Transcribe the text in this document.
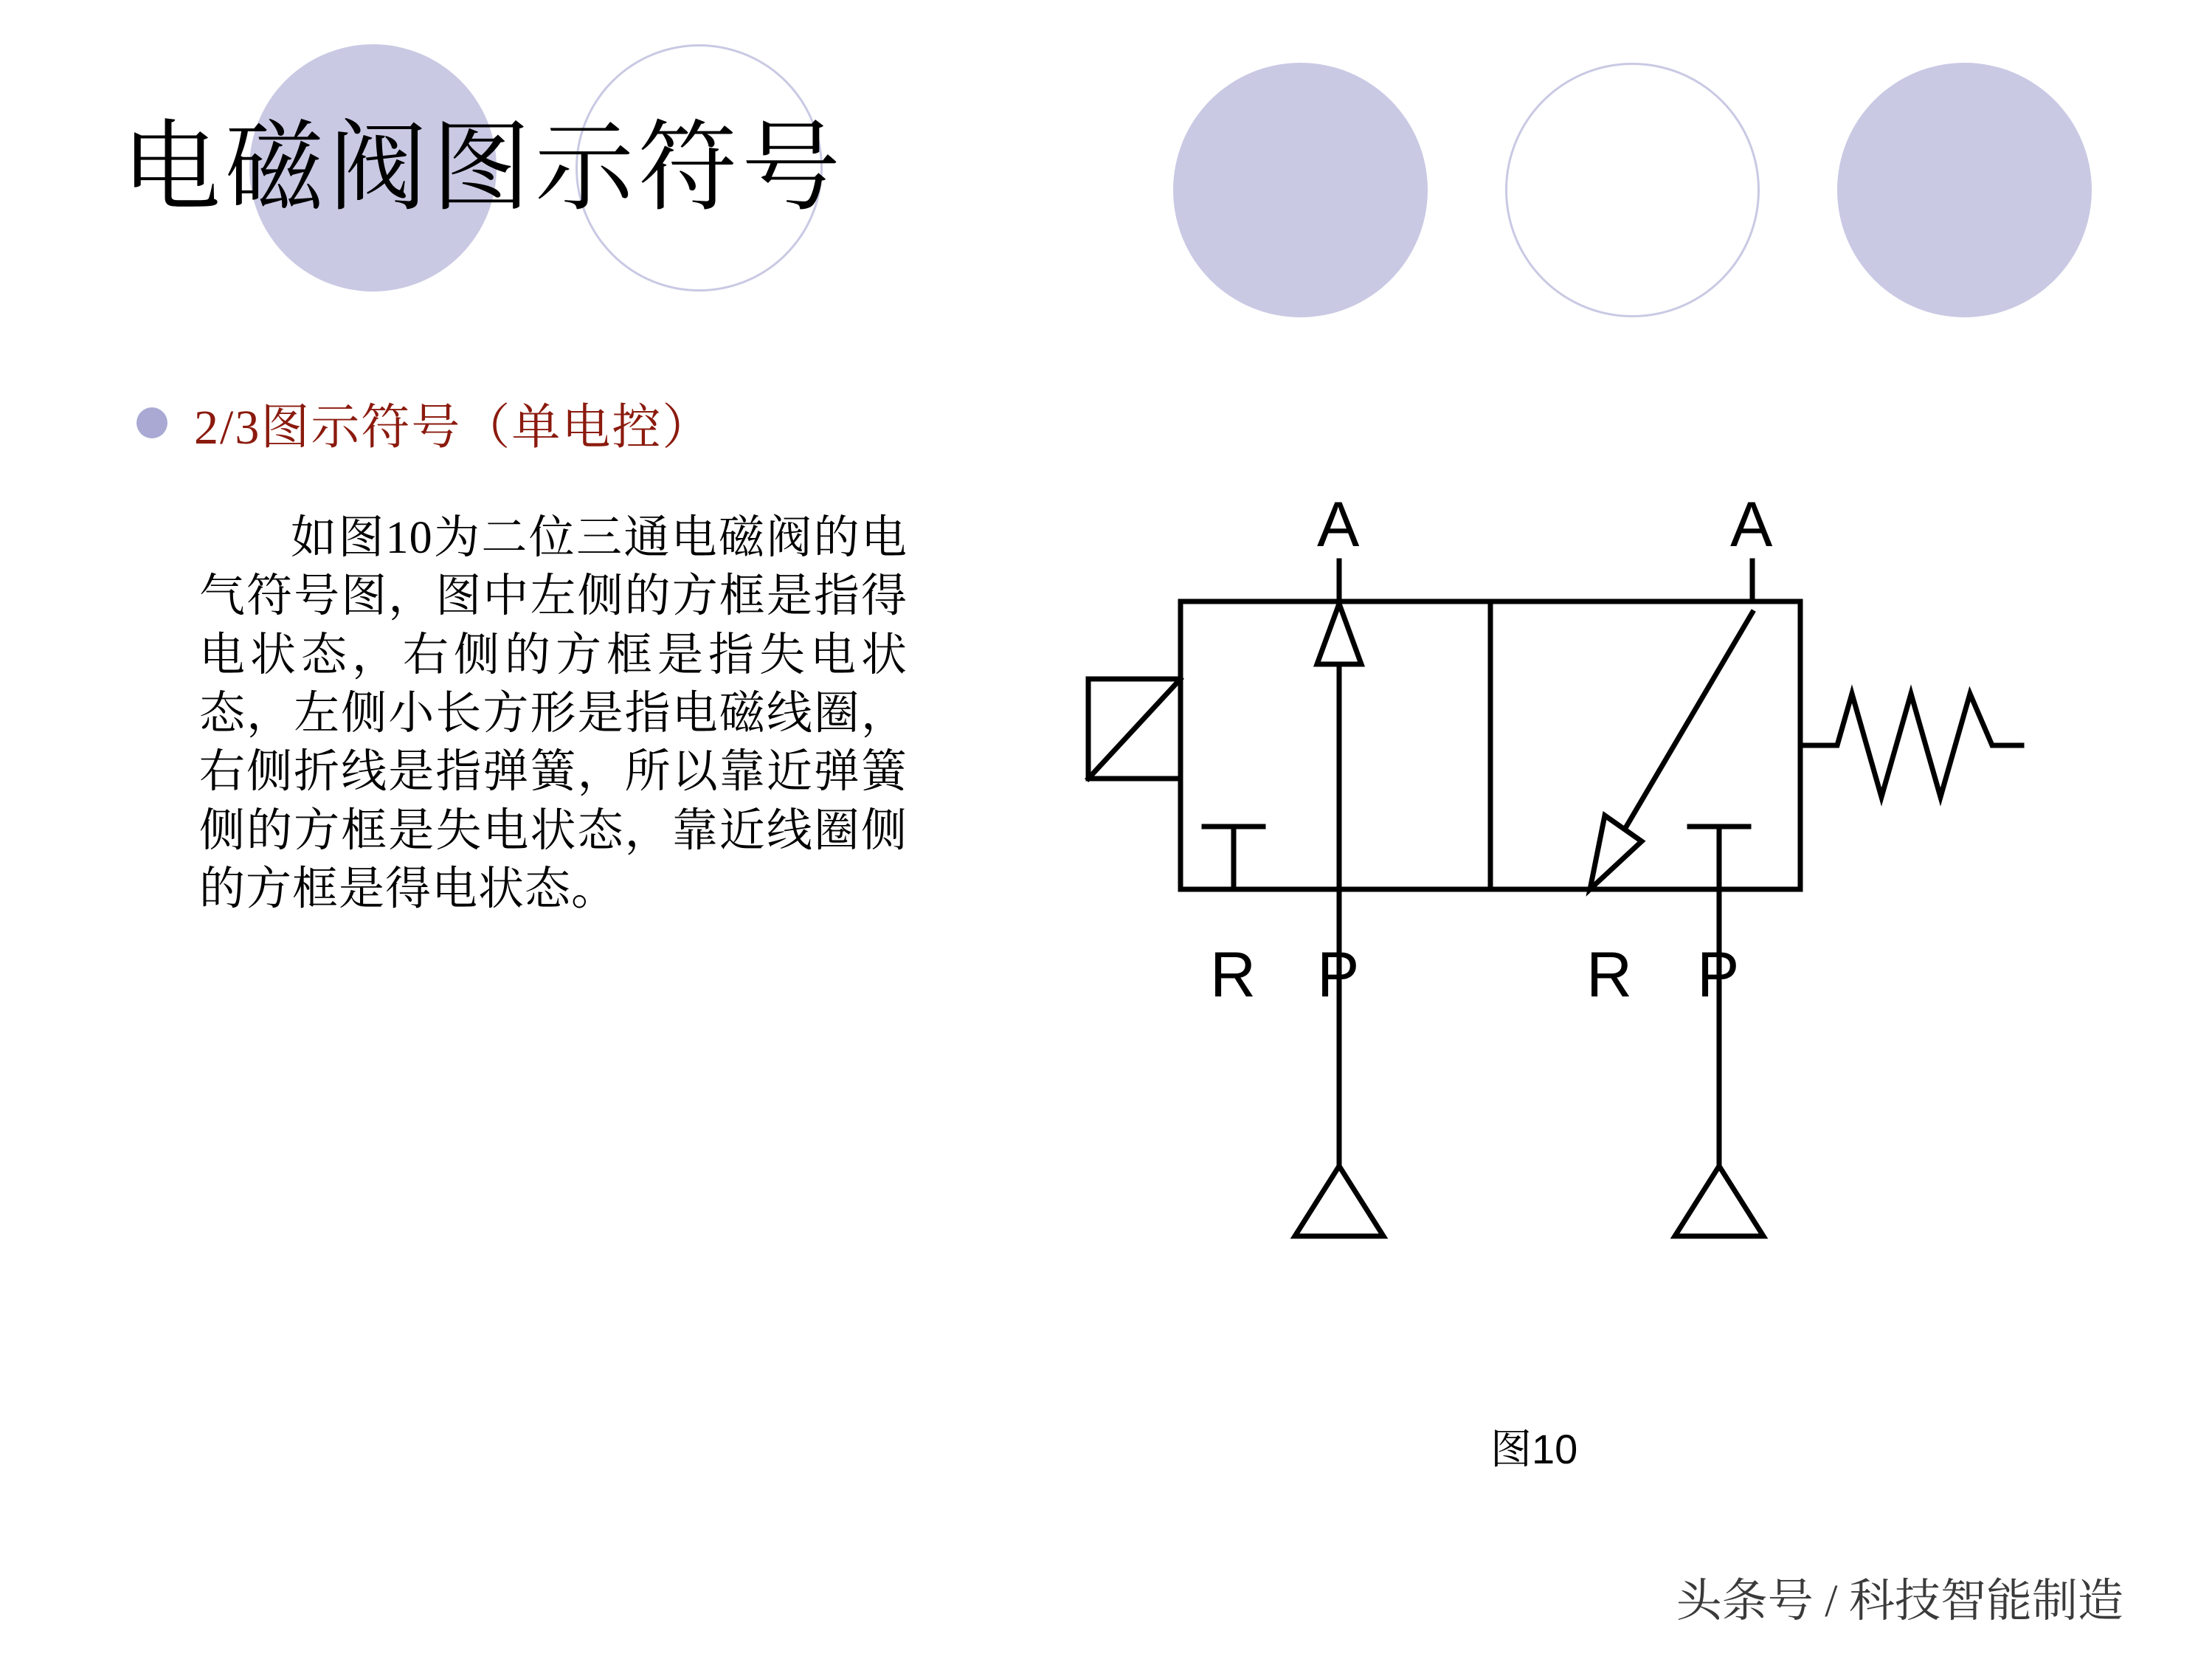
电磁阀图示符号
2/3图示符号（单电控）
如图10为二位三通电磁阀的电气符号图，图中左侧的方框是指得电状态，右侧的方框是指失电状态，左侧小长方形是指电磁线圈，右侧折线是指弹簧，所以靠近弹簧侧的方框是失电状态，靠近线圈侧的方框是得电状态。
A	A
R P	R P
图10
头条号 / 科技智能制造
